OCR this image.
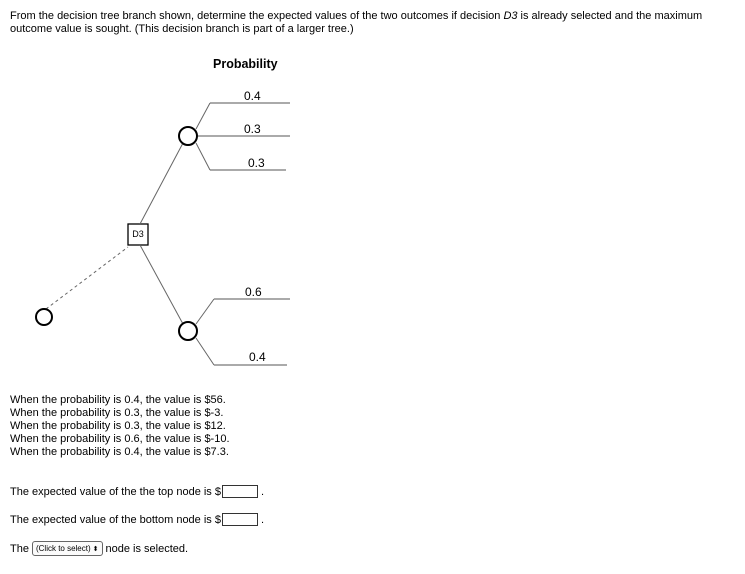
From the decision tree branch shown, determine the expected values of the two outcomes if decision D3 is already selected and the maximum outcome value is sought. (This decision branch is part of a larger tree.)
Probability
0.4
0.3
0.3
0.6
0.4
D3
When the probability is 0.4, the value is $56.
When the probability is 0.3, the value is $-3.
When the probability is 0.3, the value is $12.
When the probability is 0.6, the value is $-10.
When the probability is 0.4, the value is $7.3.
The expected value of the the top node is $	.
The expected value of the bottom node is $	.
The (Click to select) ⬍ node is selected.
